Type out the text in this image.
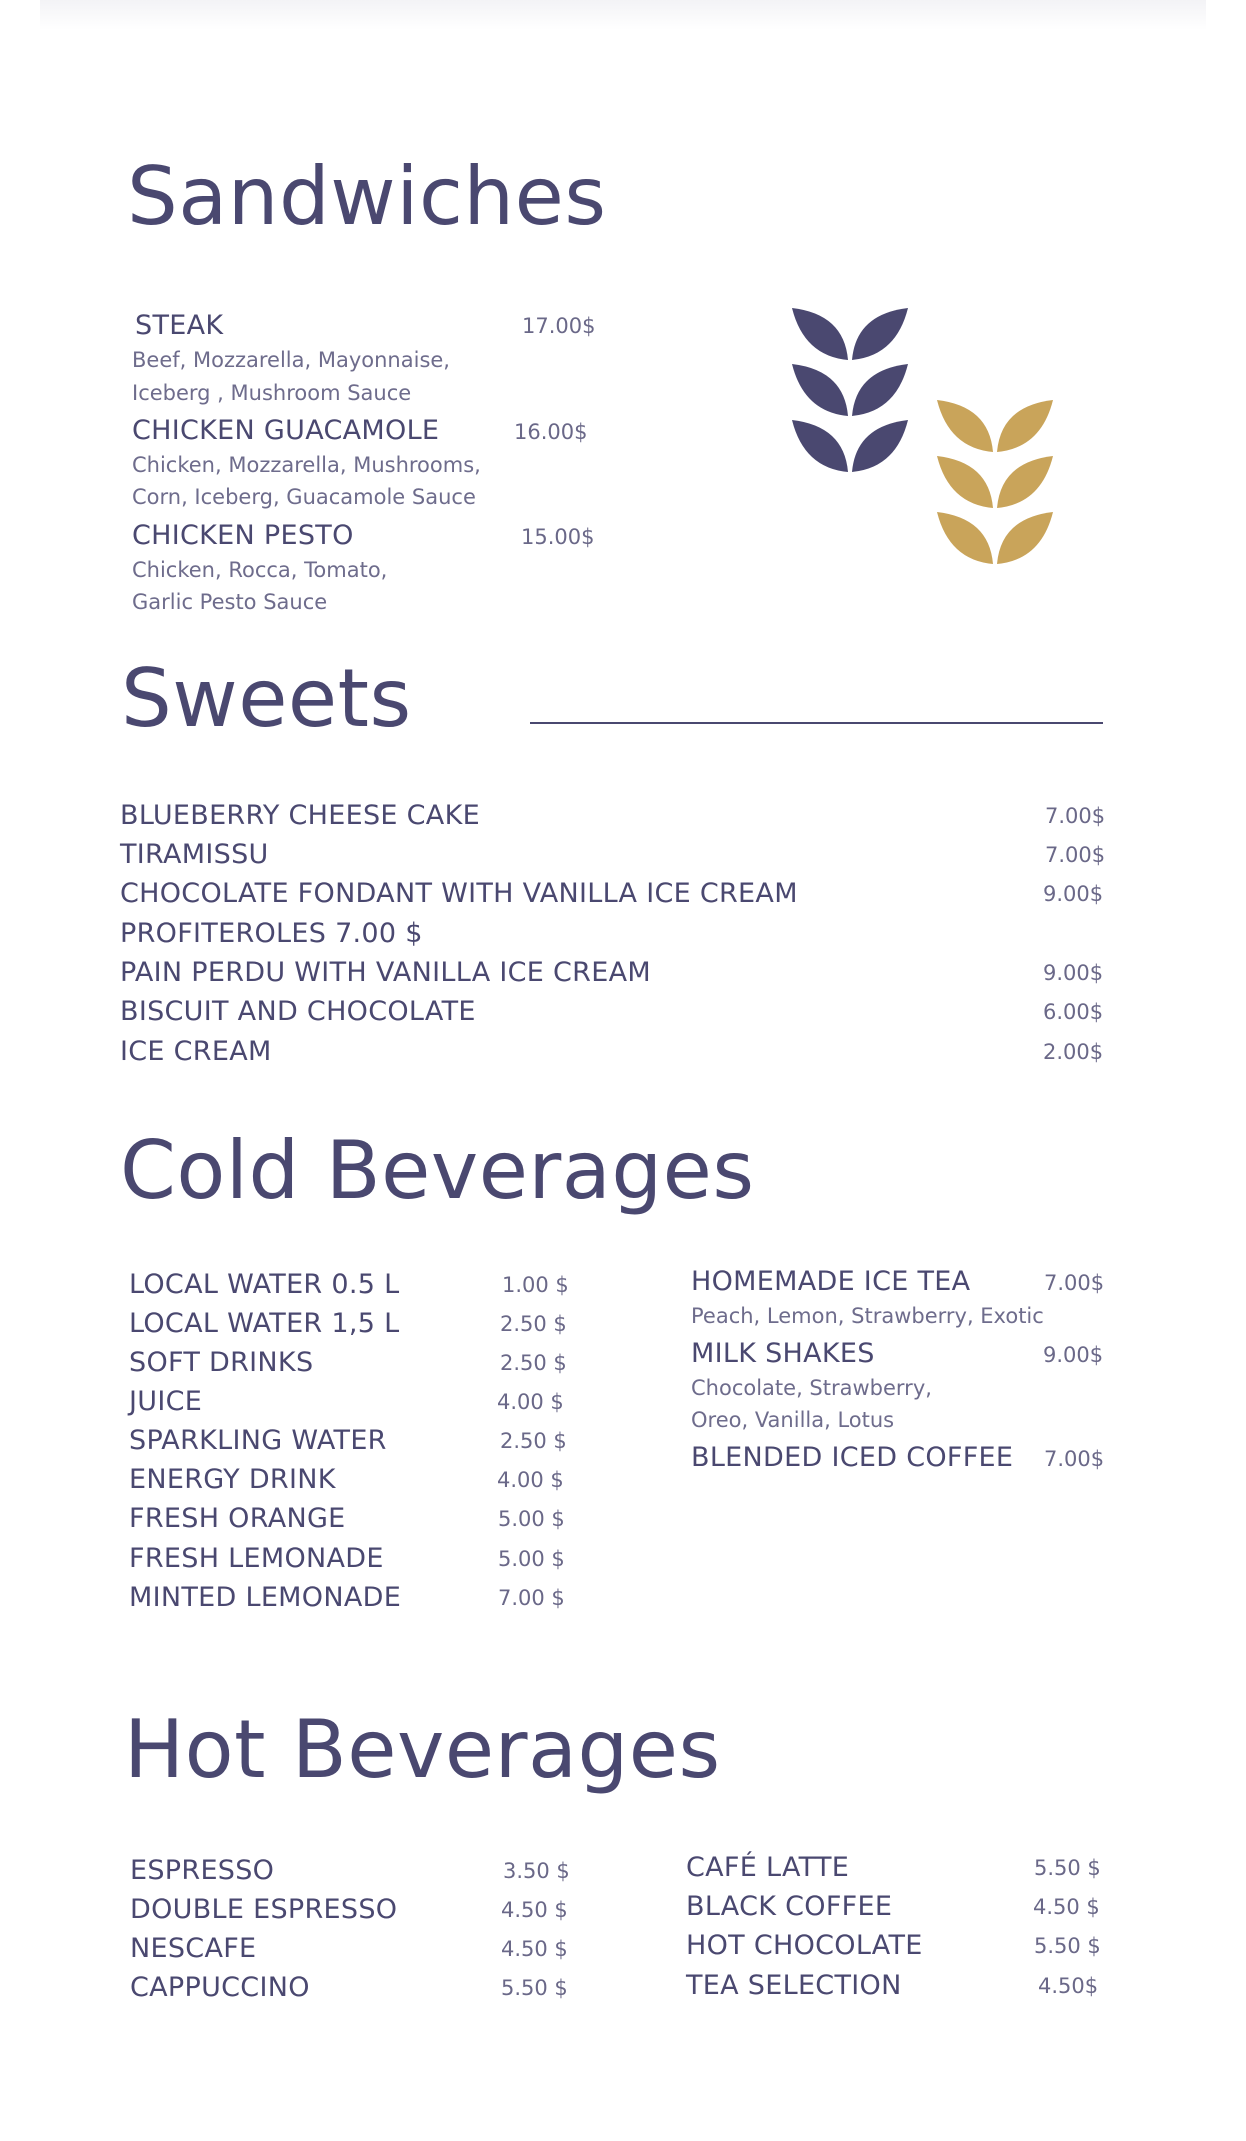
Sandwiches
STEAK	17.00$
Beef, Mozzarella, Mayonnaise,
Iceberg , Mushroom Sauce
CHICKEN GUACAMOLE	16.00$
Chicken, Mozzarella, Mushrooms,
Corn, Iceberg, Guacamole Sauce
CHICKEN PESTO	15.00$
Chicken, Rocca, Tomato,
Garlic Pesto Sauce
Sweets
BLUEBERRY CHEESE CAKE	7.00$
TIRAMISSU	7.00$
CHOCOLATE FONDANT WITH VANILLA ICE CREAM	9.00$
PROFITEROLES 7.00 $
PAIN PERDU WITH VANILLA ICE CREAM	9.00$
BISCUIT AND CHOCOLATE	6.00$
ICE CREAM	2.00$
Cold Beverages
LOCAL WATER 0.5 L	1.00 $
LOCAL WATER 1,5 L	2.50 $
SOFT DRINKS	2.50 $
JUICE	4.00 $
SPARKLING WATER	2.50 $
ENERGY DRINK	4.00 $
FRESH ORANGE	5.00 $
FRESH LEMONADE	5.00 $
MINTED LEMONADE	7.00 $
HOMEMADE ICE TEA	7.00$
Peach, Lemon, Strawberry, Exotic
MILK SHAKES	9.00$
Chocolate, Strawberry,
Oreo, Vanilla, Lotus
BLENDED ICED COFFEE 7.00$
Hot Beverages
ESPRESSO	3.50 $
DOUBLE ESPRESSO	4.50 $
NESCAFE	4.50 $
CAPPUCCINO	5.50 $
CAFÉ LATTE	5.50 $
BLACK COFFEE	4.50 $
HOT CHOCOLATE	5.50 $
TEA SELECTION	4.50$
